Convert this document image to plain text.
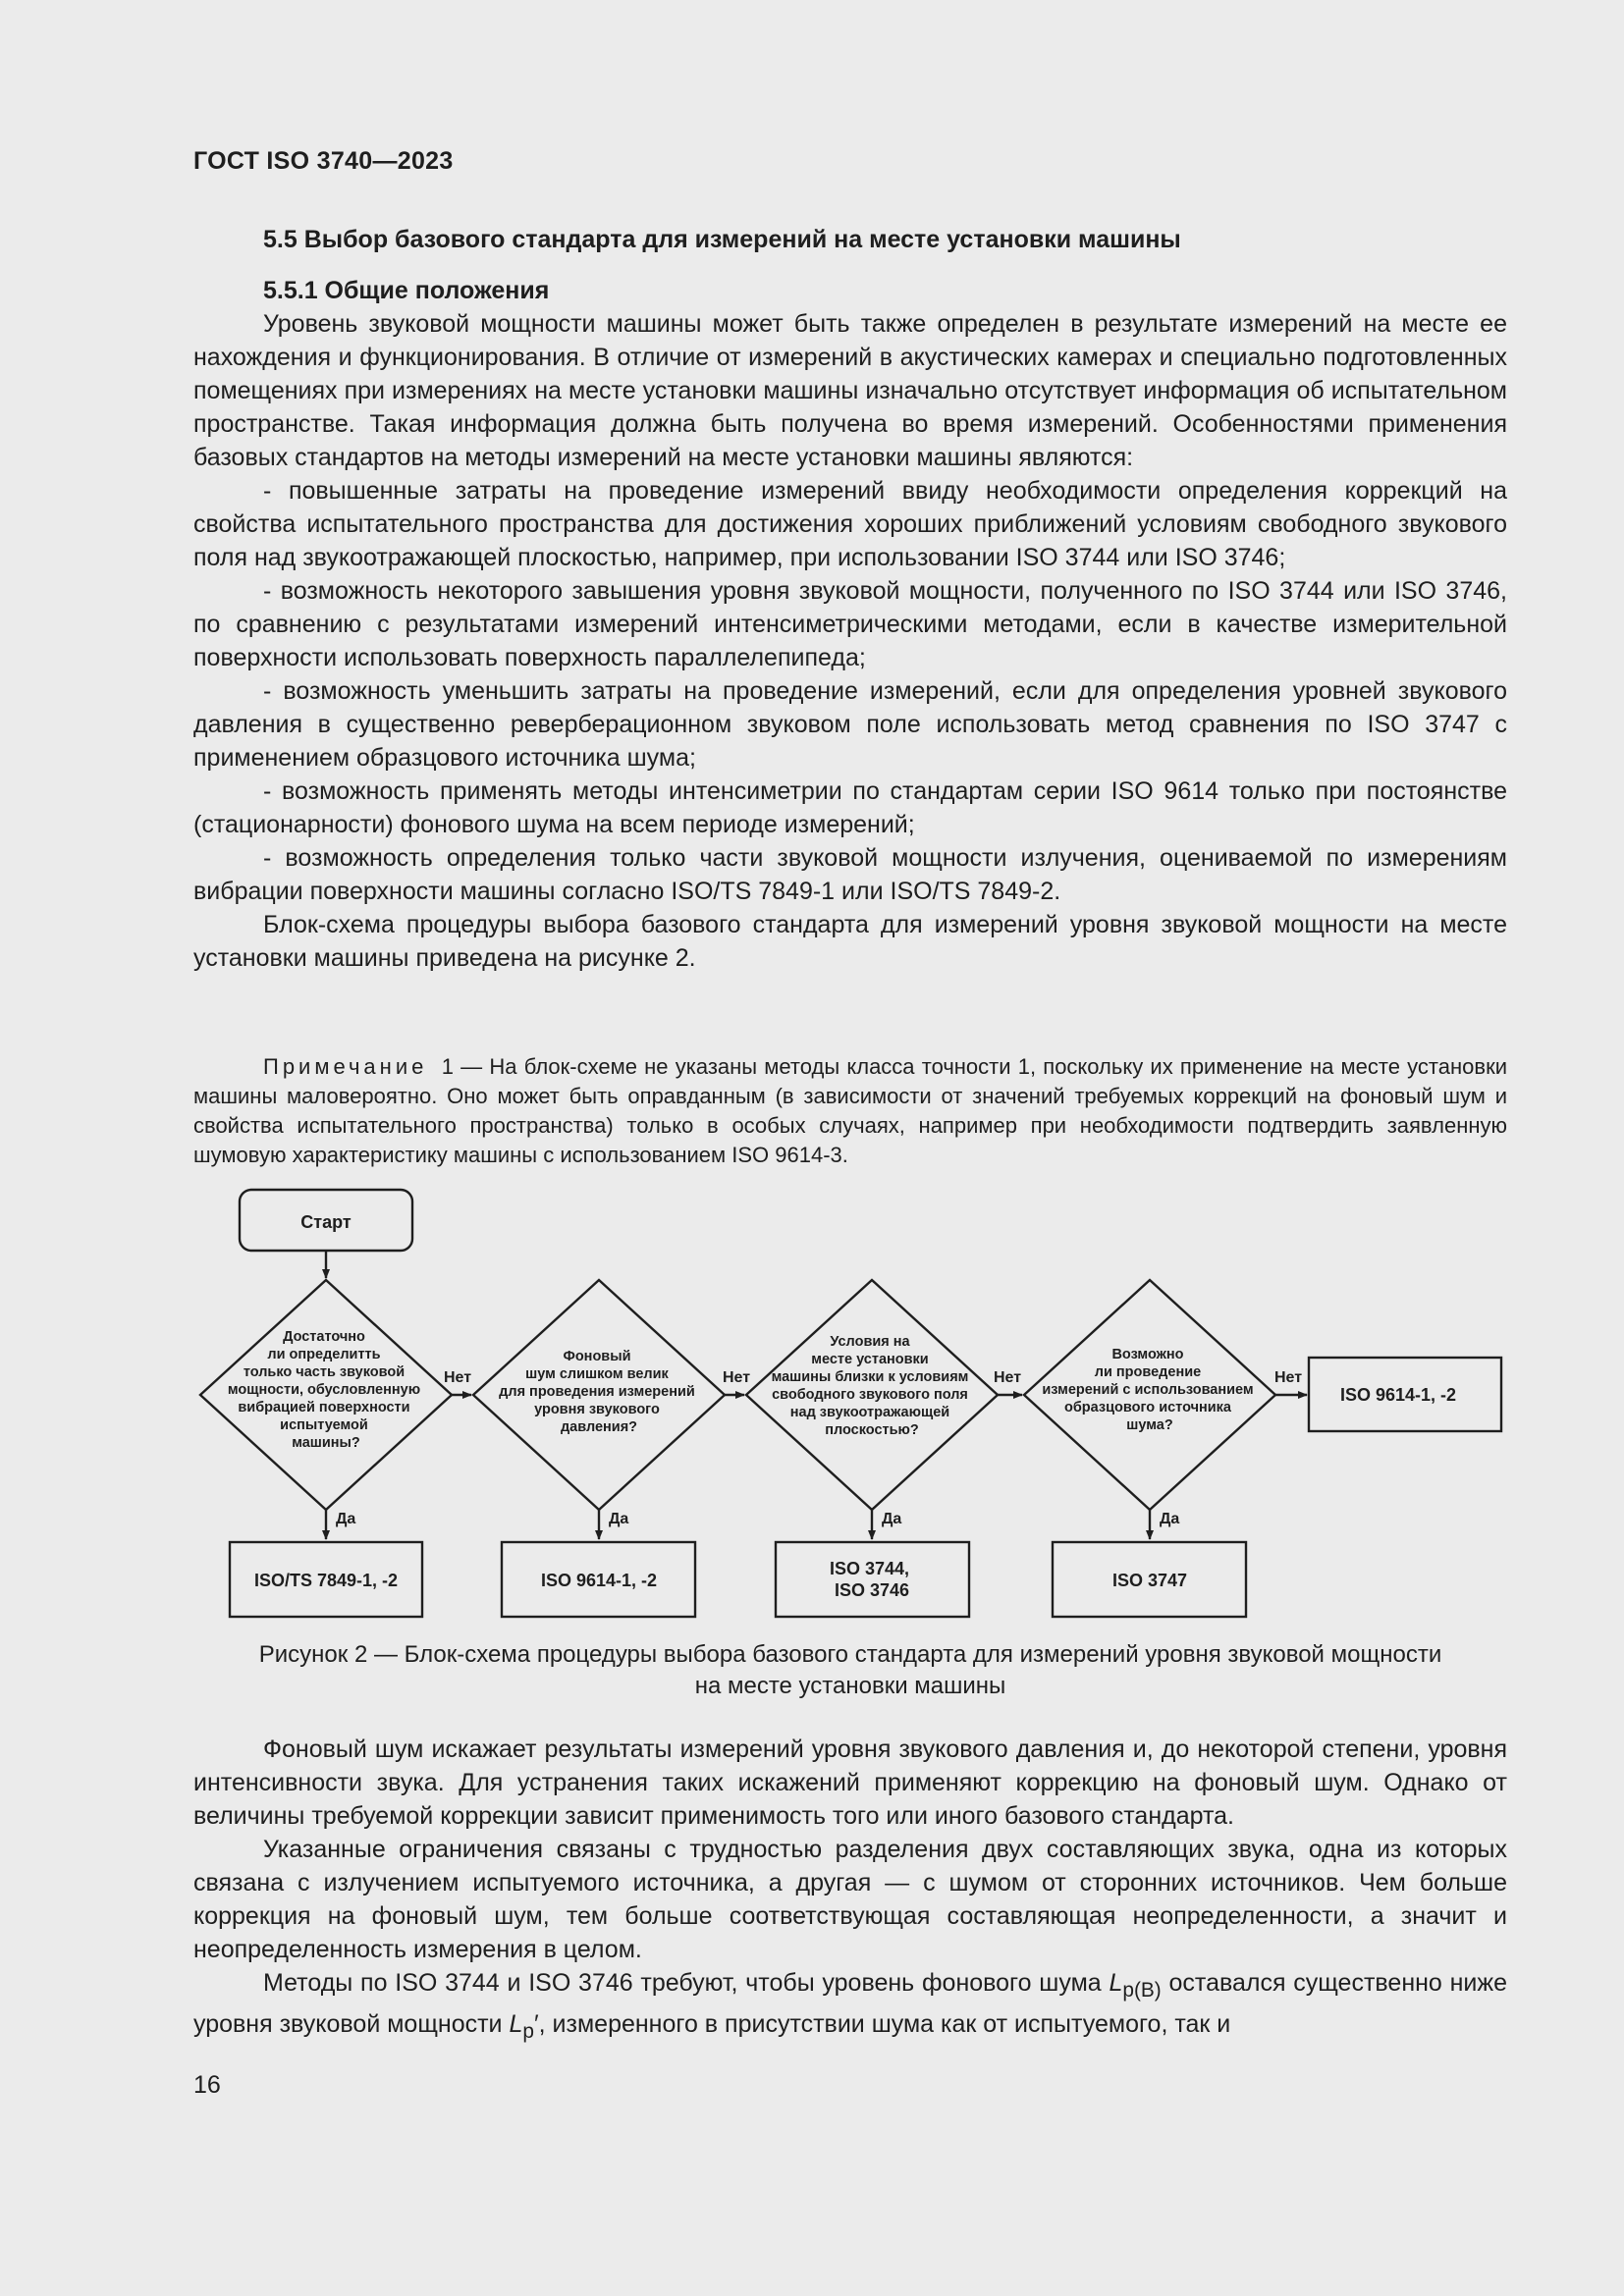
ГОСТ ISO 3740—2023
5.5 Выбор базового стандарта для измерений на месте установки машины
5.5.1 Общие положения

Уровень звуковой мощности машины может быть также определен в результате измерений на месте ее нахождения и функционирования. В отличие от измерений в акустических камерах и специально подготовленных помещениях при измерениях на месте установки машины изначально отсутствует информация об испытательном пространстве. Такая информация должна быть получена во время измерений. Особенностями применения базовых стандартов на методы измерений на месте установки машины являются:

- повышенные затраты на проведение измерений ввиду необходимости определения коррекций на свойства испытательного пространства для достижения хороших приближений условиям свободного звукового поля над звукоотражающей плоскостью, например, при использовании ISO 3744 или ISO 3746;

- возможность некоторого завышения уровня звуковой мощности, полученного по ISO 3744 или ISO 3746, по сравнению с результатами измерений интенсиметрическими методами, если в качестве измерительной поверхности использовать поверхность параллелепипеда;

- возможность уменьшить затраты на проведение измерений, если для определения уровней звукового давления в существенно реверберационном звуковом поле использовать метод сравнения по ISO 3747 с применением образцового источника шума;

- возможность применять методы интенсиметрии по стандартам серии ISO 9614 только при постоянстве (стационарности) фонового шума на всем периоде измерений;

- возможность определения только части звуковой мощности излучения, оцениваемой по измерениям вибрации поверхности машины согласно ISO/TS 7849-1 или ISO/TS 7849-2.

Блок-схема процедуры выбора базового стандарта для измерений уровня звуковой мощности на месте установки машины приведена на рисунке 2.

Примечание 1 — На блок-схеме не указаны методы класса точности 1, поскольку их применение на месте установки машины маловероятно. Оно может быть оправданным (в зависимости от значений требуемых коррекций на фоновый шум и свойства испытательного пространства) только в особых случаях, например при необходимости подтвердить заявленную шумовую характеристику машины с использованием ISO 9614-3.

Старт
Достаточно ли определитть только часть звуковой мощности, обусловленную вибрацией поверхности испытуемой машины?
Фоновый шум слишком велик для проведения измерений уровня звукового давления?
Условия на месте установки машины близки к условиям свободного звукового поля над звукоотражающей плоскостью?
Возможно ли проведение измерений с использованием образцового источника шума?
Нет	Нет	Нет	Нет
ISO 9614-1, -2
Да	Да	Да	Да
ISO/TS 7849-1, -2	ISO 9614-1, -2
ISO 3744, ISO 3746	ISO 3747
Рисунок 2 — Блок-схема процедуры выбора базового стандарта для измерений уровня звуковой мощности
на месте установки машины

Фоновый шум искажает результаты измерений уровня звукового давления и, до некоторой степени, уровня интенсивности звука. Для устранения таких искажений применяют коррекцию на фоновый шум. Однако от величины требуемой коррекции зависит применимость того или иного базового стандарта.

Указанные ограничения связаны с трудностью разделения двух составляющих звука, одна из которых связана с излучением испытуемого источника, а другая — с шумом от сторонних источников. Чем больше коррекция на фоновый шум, тем больше соответствующая составляющая неопределенности, а значит и неопределенность измерения в целом.

Методы по ISO 3744 и ISO 3746 требуют, чтобы уровень фонового шума $L_{p(B)}$ оставался существенно ниже уровня звуковой мощности $L_p'$, измеренного в присутствии шума как от испытуемого, так и

16
